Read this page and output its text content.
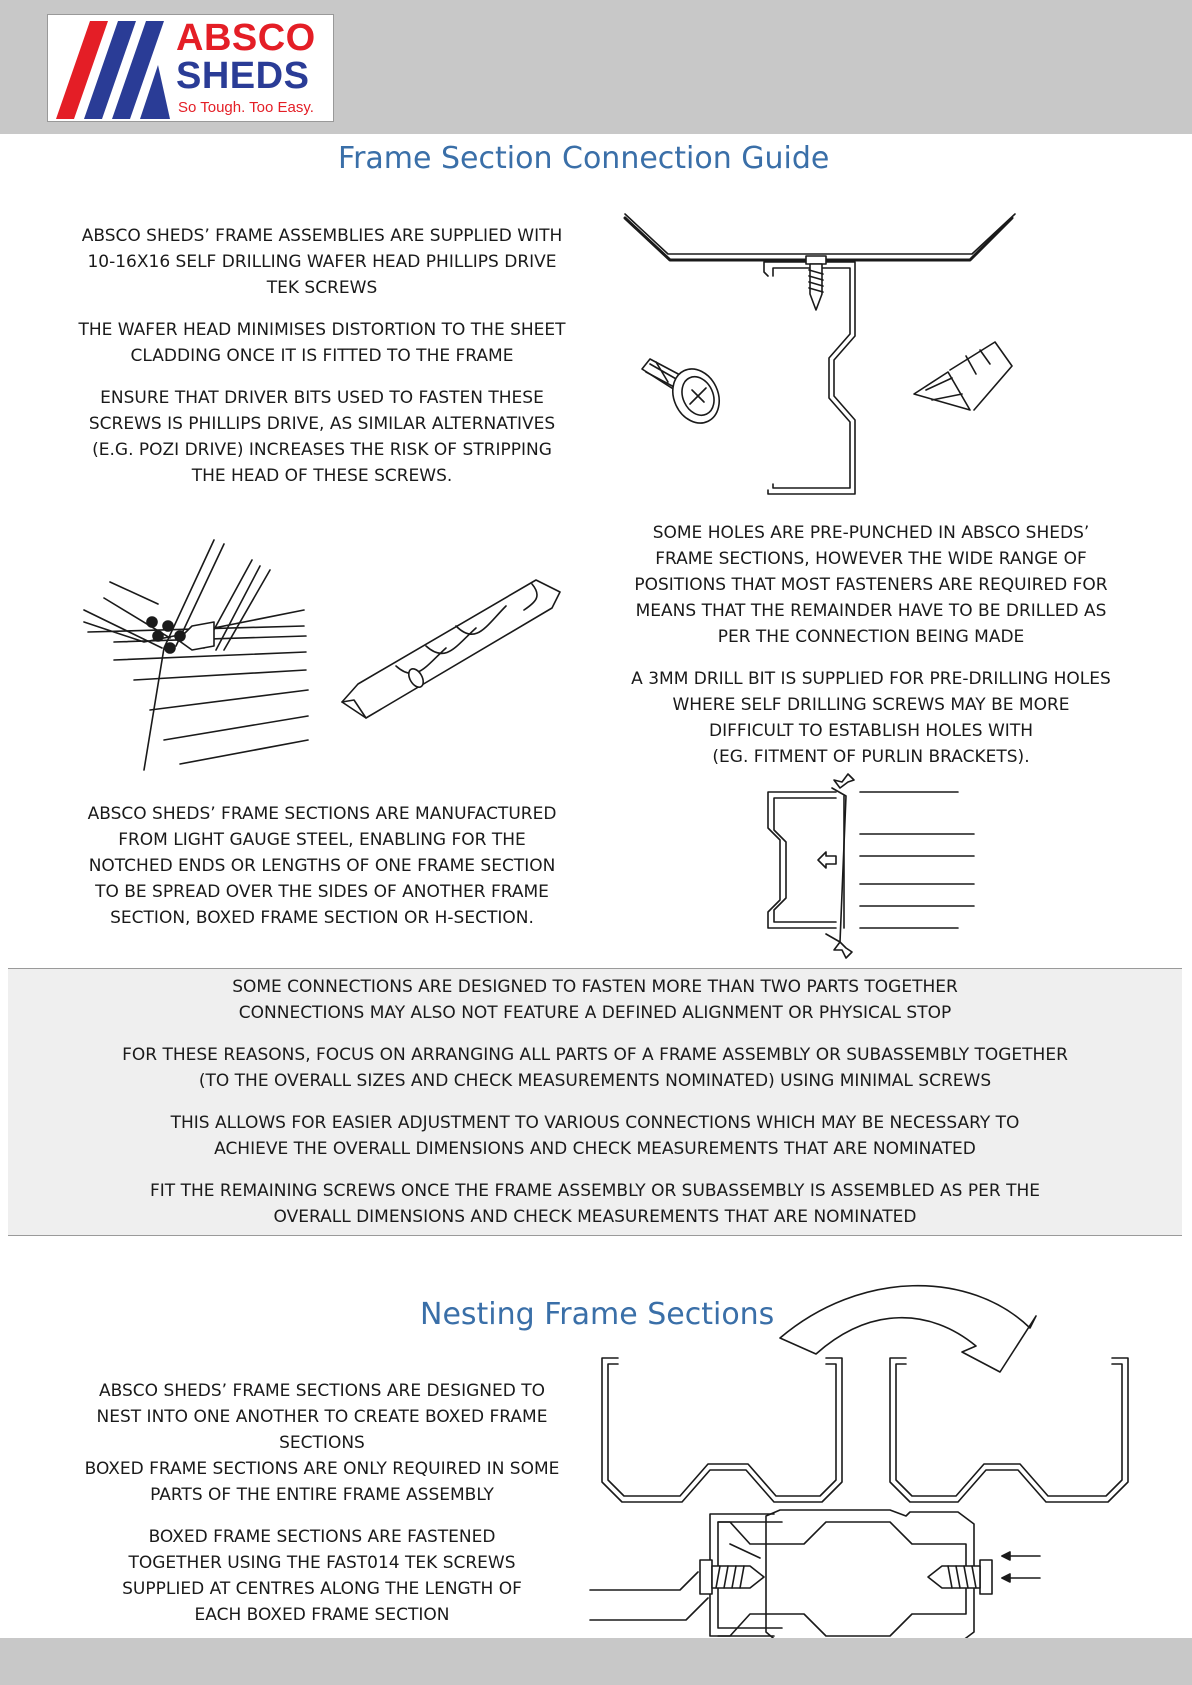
ABSCO
SHEDS
So Tough. Too Easy.
Frame Section Connection Guide

ABSCO SHEDS’ FRAME ASSEMBLIES ARE SUPPLIED WITH 10-16X16 SELF DRILLING WAFER HEAD PHILLIPS DRIVE TEK SCREWS

THE WAFER HEAD MINIMISES DISTORTION TO THE SHEET CLADDING ONCE IT IS FITTED TO THE FRAME

ENSURE THAT DRIVER BITS USED TO FASTEN THESE SCREWS IS PHILLIPS DRIVE, AS SIMILAR ALTERNATIVES (E.G. POZI DRIVE) INCREASES THE RISK OF STRIPPING THE HEAD OF THESE SCREWS.

SOME HOLES ARE PRE-PUNCHED IN ABSCO SHEDS’ FRAME SECTIONS, HOWEVER THE WIDE RANGE OF POSITIONS THAT MOST FASTENERS ARE REQUIRED FOR MEANS THAT THE REMAINDER HAVE TO BE DRILLED AS PER THE CONNECTION BEING MADE

A 3MM DRILL BIT IS SUPPLIED FOR PRE-DRILLING HOLES WHERE SELF DRILLING SCREWS MAY BE MORE DIFFICULT TO ESTABLISH HOLES WITH

(EG. FITMENT OF PURLIN BRACKETS).

ABSCO SHEDS’ FRAME SECTIONS ARE MANUFACTURED FROM LIGHT GAUGE STEEL, ENABLING FOR THE NOTCHED ENDS OR LENGTHS OF ONE FRAME SECTION TO BE SPREAD OVER THE SIDES OF ANOTHER FRAME SECTION, BOXED FRAME SECTION OR H-SECTION.

SOME CONNECTIONS ARE DESIGNED TO FASTEN MORE THAN TWO PARTS TOGETHER

CONNECTIONS MAY ALSO NOT FEATURE A DEFINED ALIGNMENT OR PHYSICAL STOP

FOR THESE REASONS, FOCUS ON ARRANGING ALL PARTS OF A FRAME ASSEMBLY OR SUBASSEMBLY TOGETHER (TO THE OVERALL SIZES AND CHECK MEASUREMENTS NOMINATED) USING MINIMAL SCREWS

THIS ALLOWS FOR EASIER ADJUSTMENT TO VARIOUS CONNECTIONS WHICH MAY BE NECESSARY TO ACHIEVE THE OVERALL DIMENSIONS AND CHECK MEASUREMENTS THAT ARE NOMINATED

FIT THE REMAINING SCREWS ONCE THE FRAME ASSEMBLY OR SUBASSEMBLY IS ASSEMBLED AS PER THE OVERALL DIMENSIONS AND CHECK MEASUREMENTS THAT ARE NOMINATED

Nesting Frame Sections

ABSCO SHEDS’ FRAME SECTIONS ARE DESIGNED TO NEST INTO ONE ANOTHER TO CREATE BOXED FRAME SECTIONS

BOXED FRAME SECTIONS ARE ONLY REQUIRED IN SOME PARTS OF THE ENTIRE FRAME ASSEMBLY

BOXED FRAME SECTIONS ARE FASTENED TOGETHER USING THE FAST014 TEK SCREWS SUPPLIED AT CENTRES ALONG THE LENGTH OF EACH BOXED FRAME SECTION
